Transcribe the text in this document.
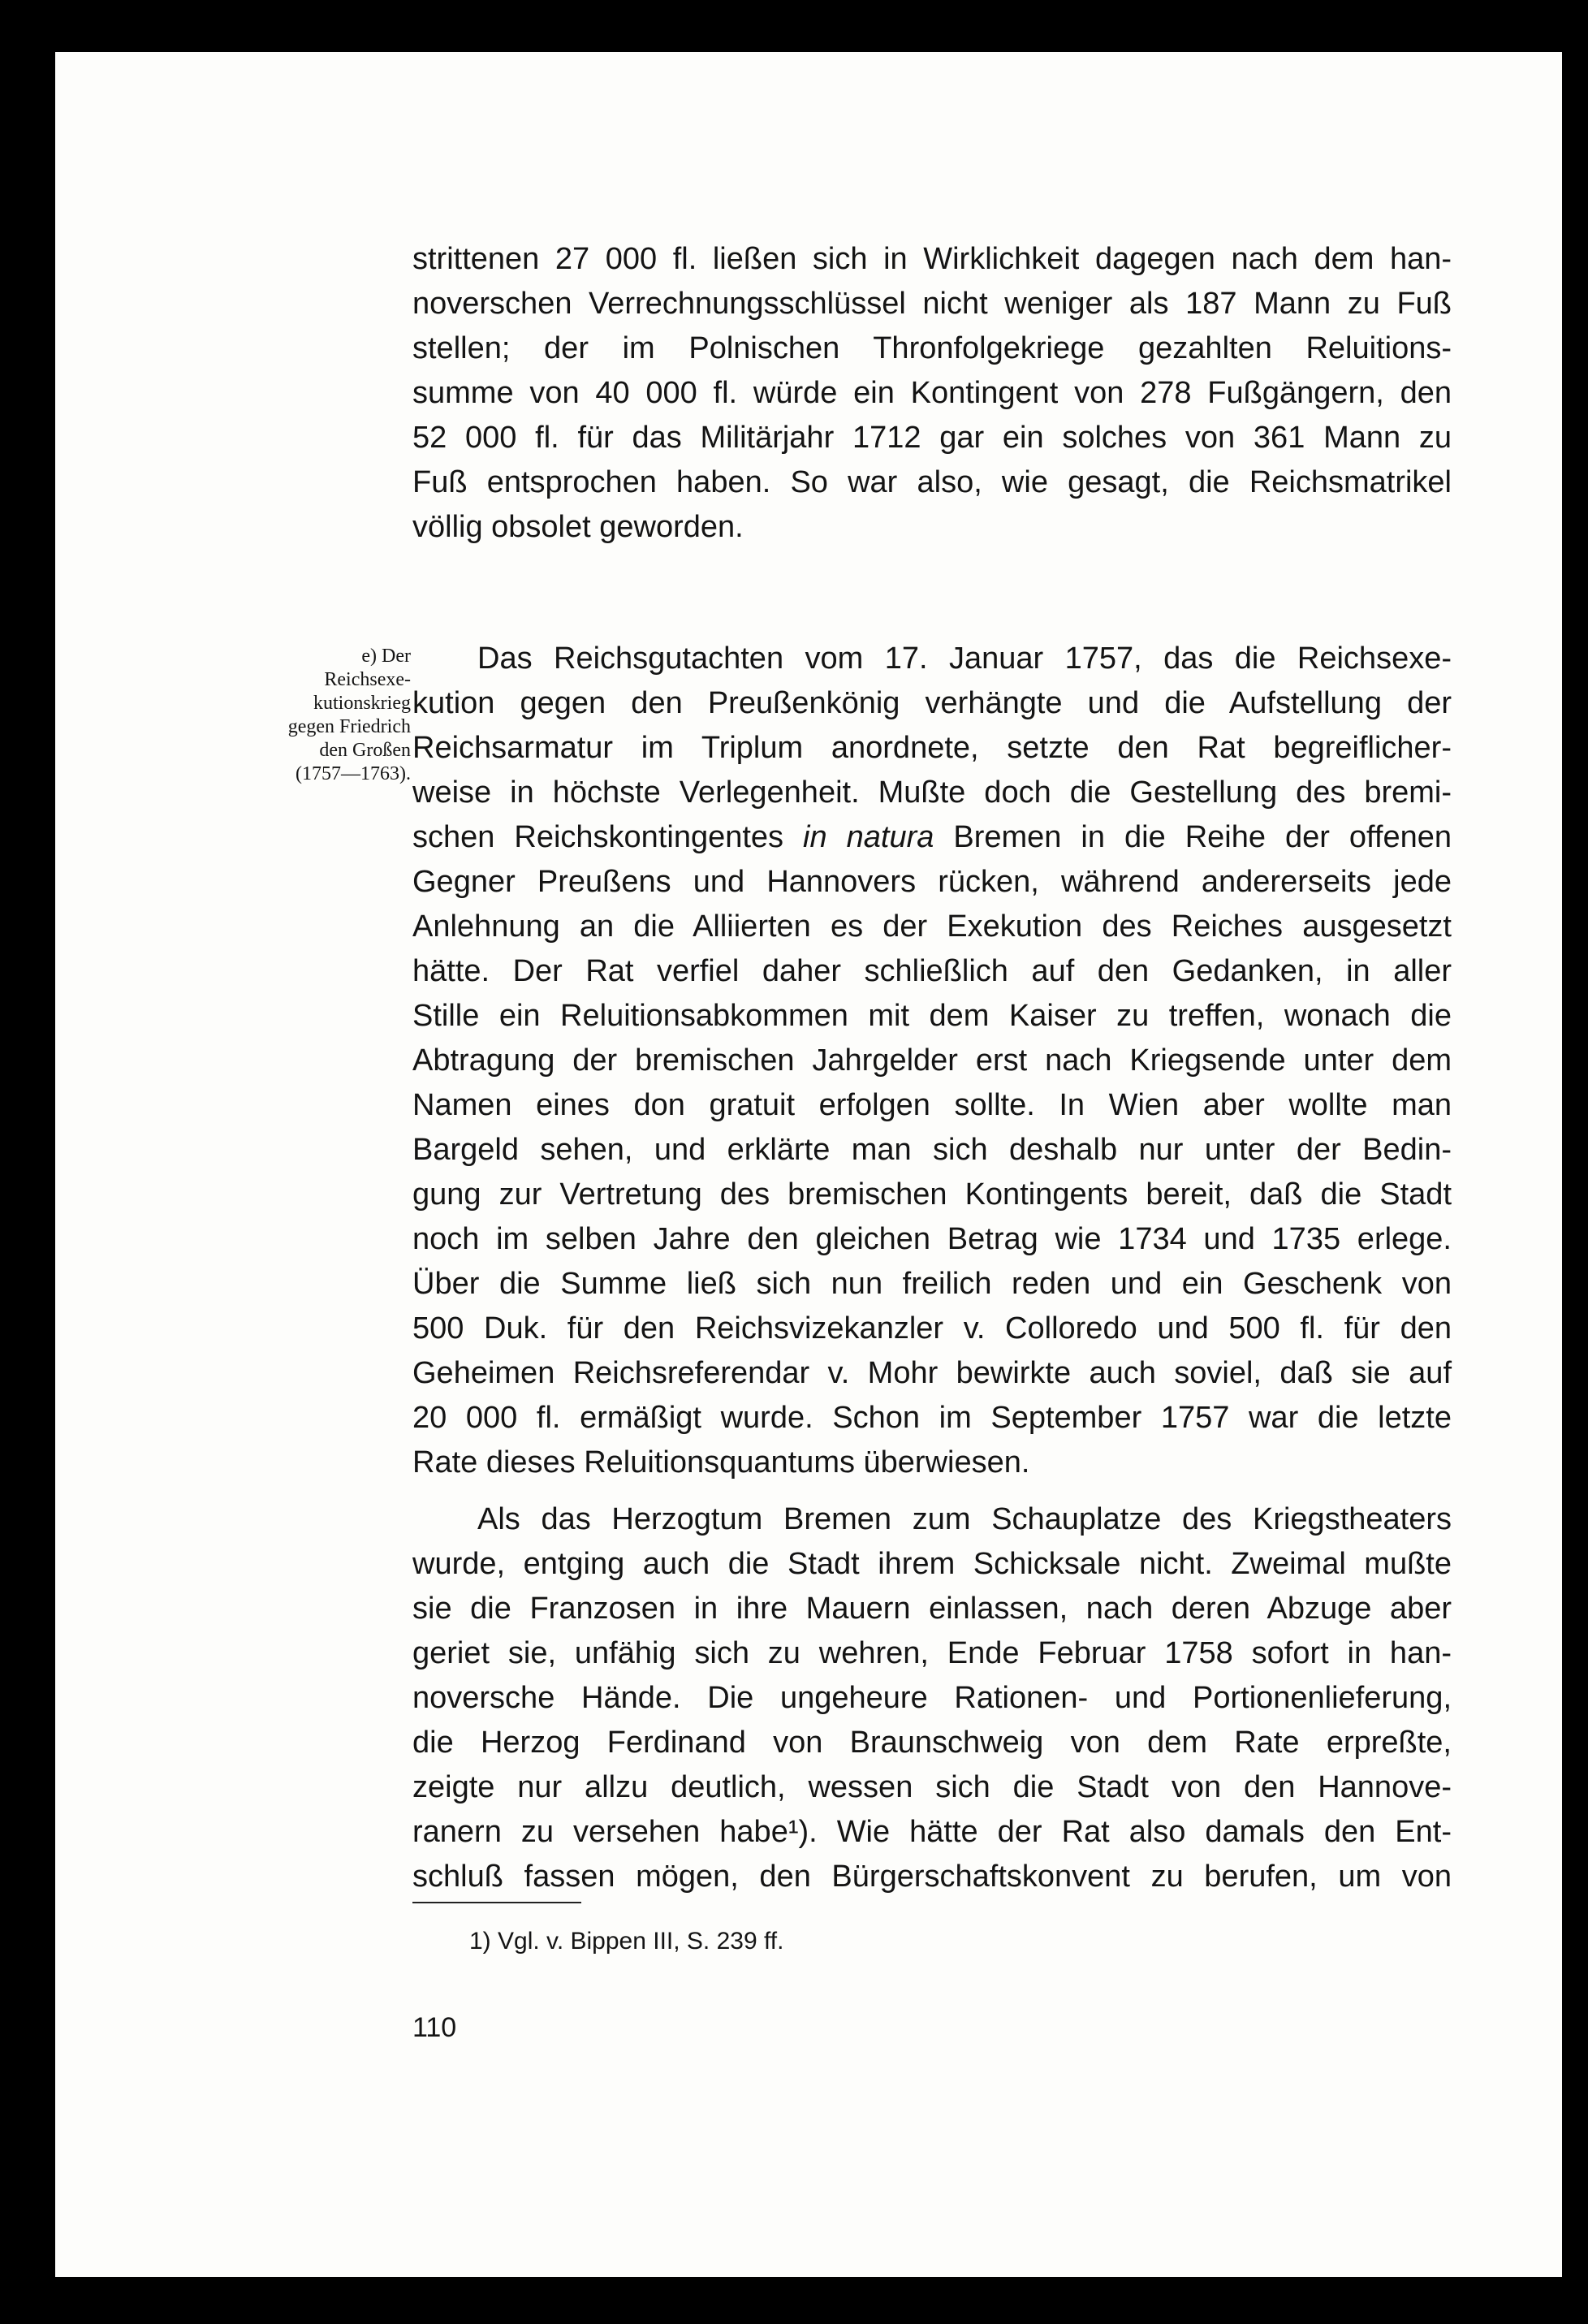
strittenen 27 000 fl. ließen sich in Wirklichkeit dagegen nach dem han-
noverschen Verrechnungsschlüssel nicht weniger als 187 Mann zu Fuß
stellen; der im Polnischen Thronfolgekriege gezahlten Reluitions-
summe von 40 000 fl. würde ein Kontingent von 278 Fußgängern, den
52 000 fl. für das Militärjahr 1712 gar ein solches von 361 Mann zu
Fuß entsprochen haben. So war also, wie gesagt, die Reichsmatrikel
völlig obsolet geworden.
e) Der
Reichsexe-
kutionskrieg
gegen Friedrich
den Großen
(1757—1763).
Das Reichsgutachten vom 17. Januar 1757, das die Reichsexe-
kution gegen den Preußenkönig verhängte und die Aufstellung der
Reichsarmatur im Triplum anordnete, setzte den Rat begreiflicher-
weise in höchste Verlegenheit. Mußte doch die Gestellung des bremi-
schen Reichskontingentes in natura Bremen in die Reihe der offenen
Gegner Preußens und Hannovers rücken, während andererseits jede
Anlehnung an die Alliierten es der Exekution des Reiches ausgesetzt
hätte. Der Rat verfiel daher schließlich auf den Gedanken, in aller
Stille ein Reluitionsabkommen mit dem Kaiser zu treffen, wonach die
Abtragung der bremischen Jahrgelder erst nach Kriegsende unter dem
Namen eines don gratuit erfolgen sollte. In Wien aber wollte man
Bargeld sehen, und erklärte man sich deshalb nur unter der Bedin-
gung zur Vertretung des bremischen Kontingents bereit, daß die Stadt
noch im selben Jahre den gleichen Betrag wie 1734 und 1735 erlege.
Über die Summe ließ sich nun freilich reden und ein Geschenk von
500 Duk. für den Reichsvizekanzler v. Colloredo und 500 fl. für den
Geheimen Reichsreferendar v. Mohr bewirkte auch soviel, daß sie auf
20 000 fl. ermäßigt wurde. Schon im September 1757 war die letzte
Rate dieses Reluitionsquantums überwiesen.
Als das Herzogtum Bremen zum Schauplatze des Kriegstheaters
wurde, entging auch die Stadt ihrem Schicksale nicht. Zweimal mußte
sie die Franzosen in ihre Mauern einlassen, nach deren Abzuge aber
geriet sie, unfähig sich zu wehren, Ende Februar 1758 sofort in han-
noversche Hände. Die ungeheure Rationen- und Portionenlieferung,
die Herzog Ferdinand von Braunschweig von dem Rate erpreßte,
zeigte nur allzu deutlich, wessen sich die Stadt von den Hannove-
ranern zu versehen habe¹). Wie hätte der Rat also damals den Ent-
schluß fassen mögen, den Bürgerschaftskonvent zu berufen, um von
1) Vgl. v. Bippen III, S. 239 ff.
110
